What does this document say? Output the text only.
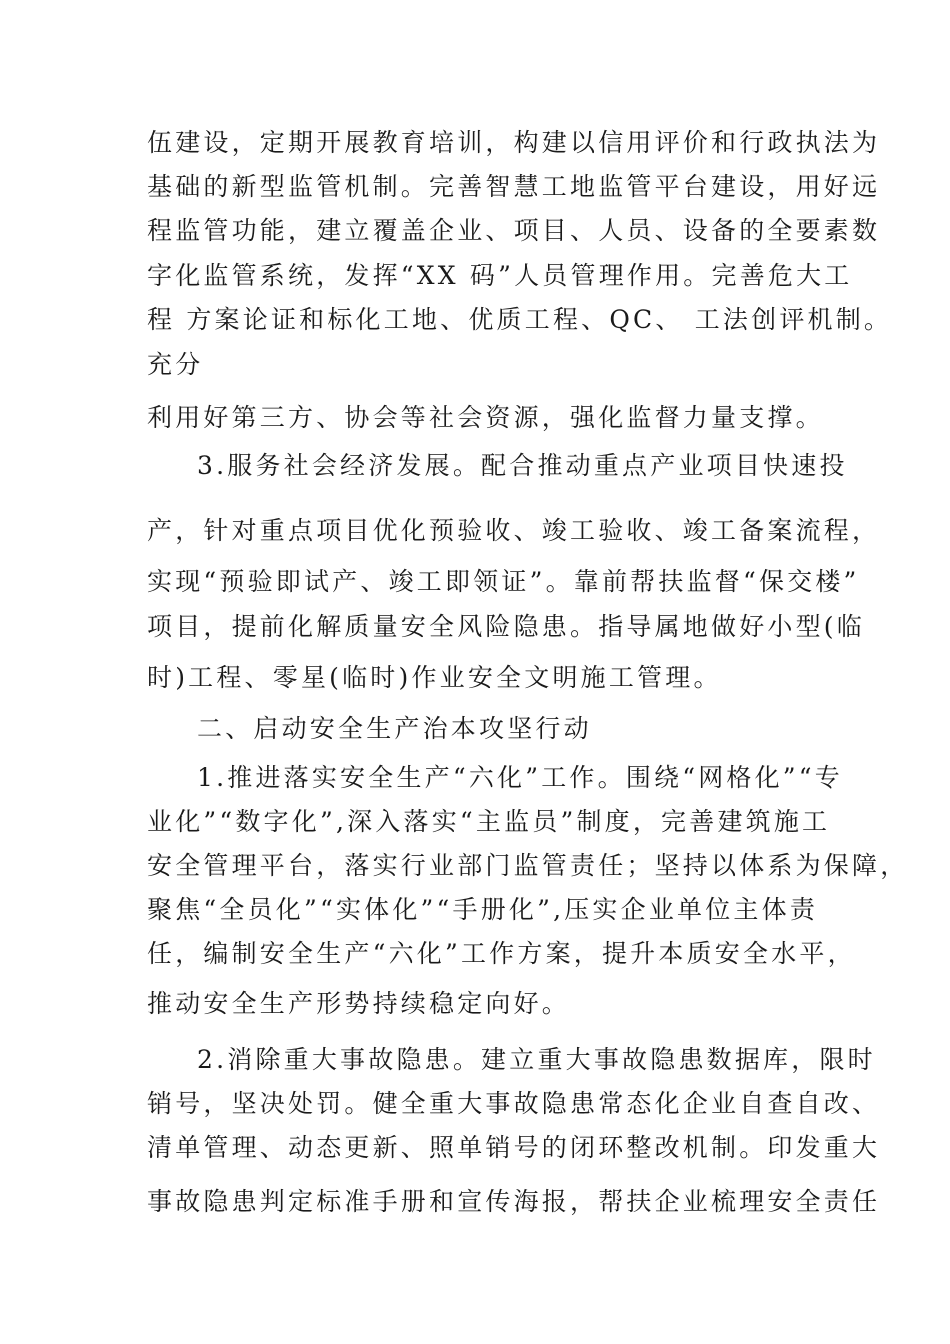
伍建设，定期开展教育培训，构建以信用评价和行政执法为
基础的新型监管机制。完善智慧工地监管平台建设，用好远
程监管功能，建立覆盖企业、项目、人员、设备的全要素数
字化监管系统，发挥“XX 码”人员管理作用。完善危大工
程 方案论证和标化工地、优质工程、QC、 工法创评机制。
充分
利用好第三方、协会等社会资源，强化监督力量支撑。
3.服务社会经济发展。配合推动重点产业项目快速投
产，针对重点项目优化预验收、竣工验收、竣工备案流程，
实现“预验即试产、竣工即领证”。靠前帮扶监督“保交楼”
项目，提前化解质量安全风险隐患。指导属地做好小型(临
时)工程、零星(临时)作业安全文明施工管理。
二、启动安全生产治本攻坚行动
1.推进落实安全生产“六化”工作。围绕“网格化”“专
业化”“数字化”,深入落实“主监员”制度，完善建筑施工
安全管理平台，落实行业部门监管责任；坚持以体系为保障，
聚焦“全员化”“实体化”“手册化”,压实企业单位主体责
任，编制安全生产“六化”工作方案，提升本质安全水平，
推动安全生产形势持续稳定向好。
2.消除重大事故隐患。建立重大事故隐患数据库，限时
销号，坚决处罚。健全重大事故隐患常态化企业自查自改、
清单管理、动态更新、照单销号的闭环整改机制。印发重大
事故隐患判定标准手册和宣传海报，帮扶企业梳理安全责任
